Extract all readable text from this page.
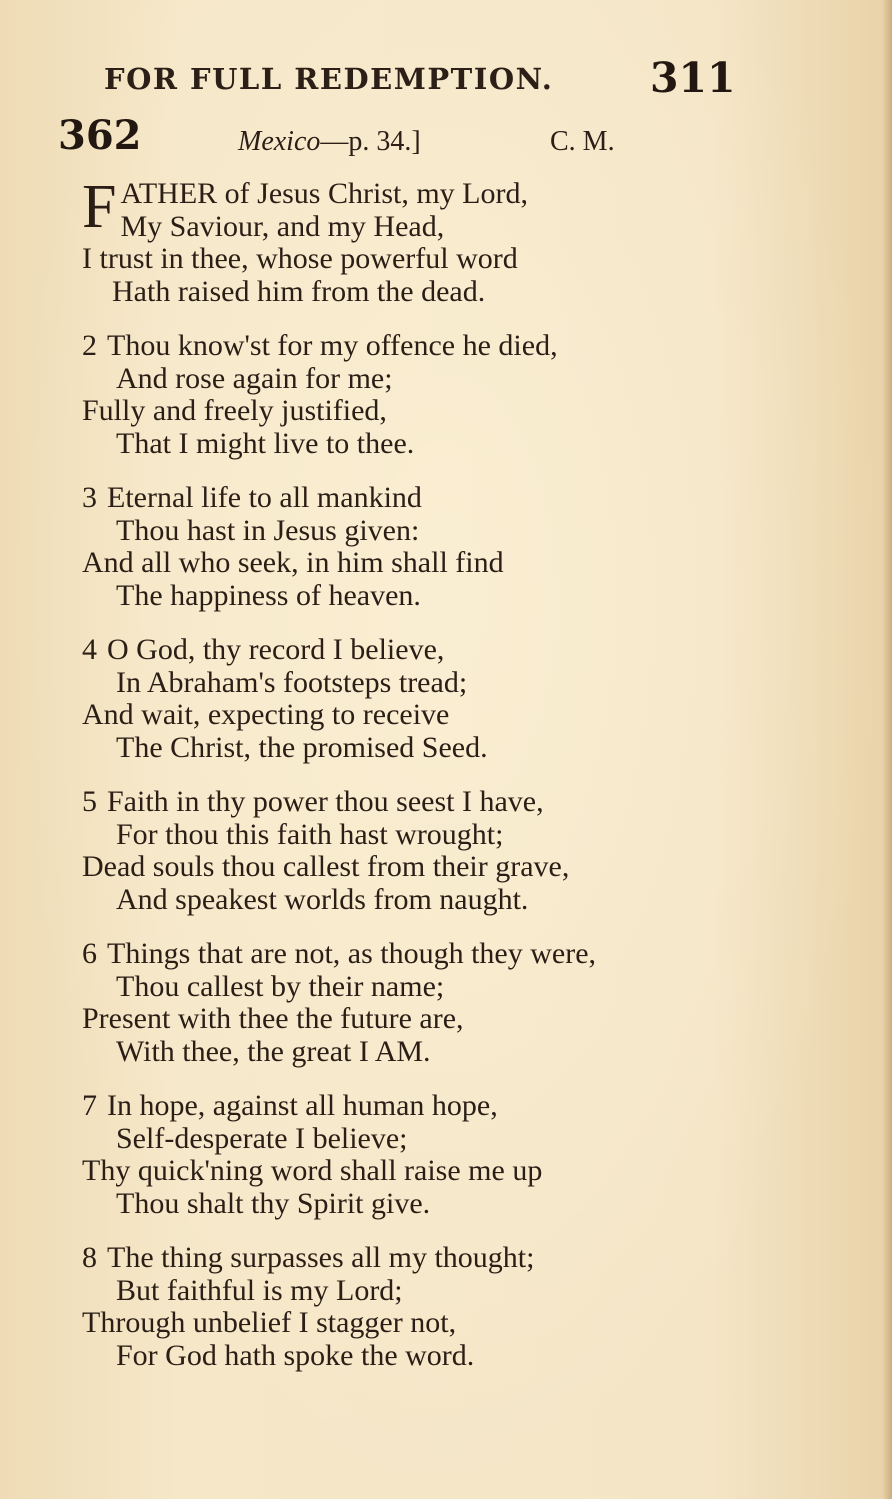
FOR FULL REDEMPTION. 311
362	Mexico—p. 34.]	C. M.
F ATHER of Jesus Christ, my Lord,
My Saviour, and my Head,
I trust in thee, whose powerful word
Hath raised him from the dead.
2 Thou know'st for my offence he died,
And rose again for me;
Fully and freely justified,
That I might live to thee.
3 Eternal life to all mankind
Thou hast in Jesus given:
And all who seek, in him shall find
The happiness of heaven.
4 O God, thy record I believe,
In Abraham's footsteps tread;
And wait, expecting to receive
The Christ, the promised Seed.
5 Faith in thy power thou seest I have,
For thou this faith hast wrought;
Dead souls thou callest from their grave,
And speakest worlds from naught.
6 Things that are not, as though they were,
Thou callest by their name;
Present with thee the future are,
With thee, the great I AM.
7 In hope, against all human hope,
Self-desperate I believe;
Thy quick'ning word shall raise me up
Thou shalt thy Spirit give.
8 The thing surpasses all my thought;
But faithful is my Lord;
Through unbelief I stagger not,
For God hath spoke the word.
